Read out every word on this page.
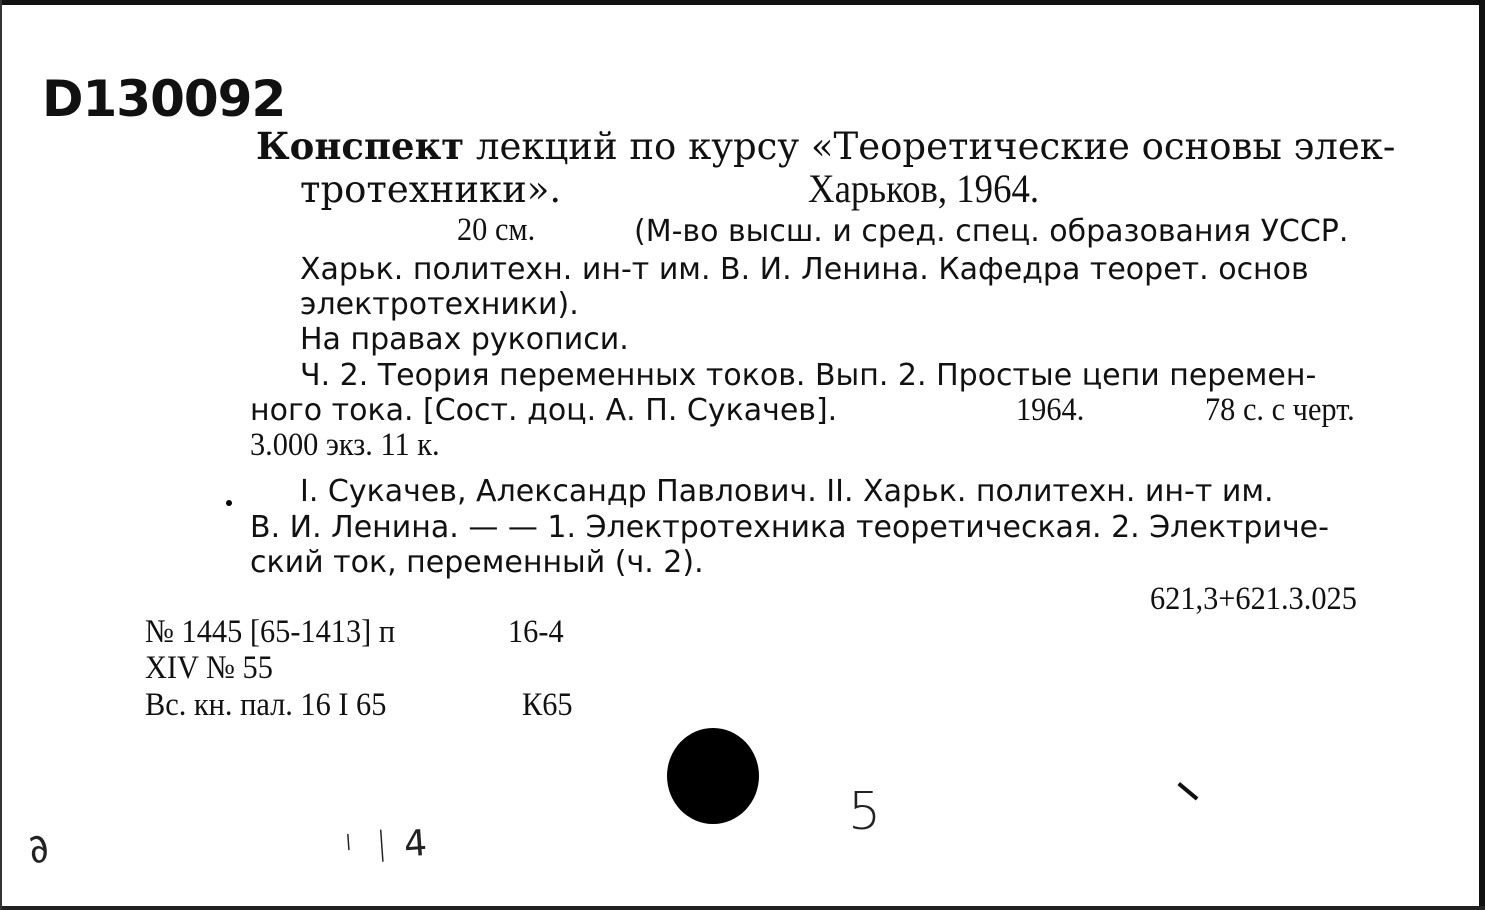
D130092
Конспект лекций по курсу «Теоретические основы элек-
тротехники».	Харьков, 1964.
20 см.	(М-во высш. и сред. спец. образования УССР.
Харьк. политехн. ин-т им. В. И. Ленина. Кафедра теорет. основ
электротехники).
На правах рукописи.
Ч. 2. Теория переменных токов. Вып. 2. Простые цепи перемен-
ного тока. [Сост. доц. А. П. Сукачев].	1964.	78 с. с черт.
3.000 экз. 11 к.
I. Сукачев, Александр Павлович. II. Харьк. политехн. ин-т им.
В. И. Ленина. — — 1. Электротехника теоретическая. 2. Электриче-
ский ток, переменный (ч. 2).
621,3+621.3.025
№ 1445 [65-1413] п	16-4
XIV № 55
Вс. кн. пал. 16 I 65	К65
5
ᛌ ᛁ 4
∂
